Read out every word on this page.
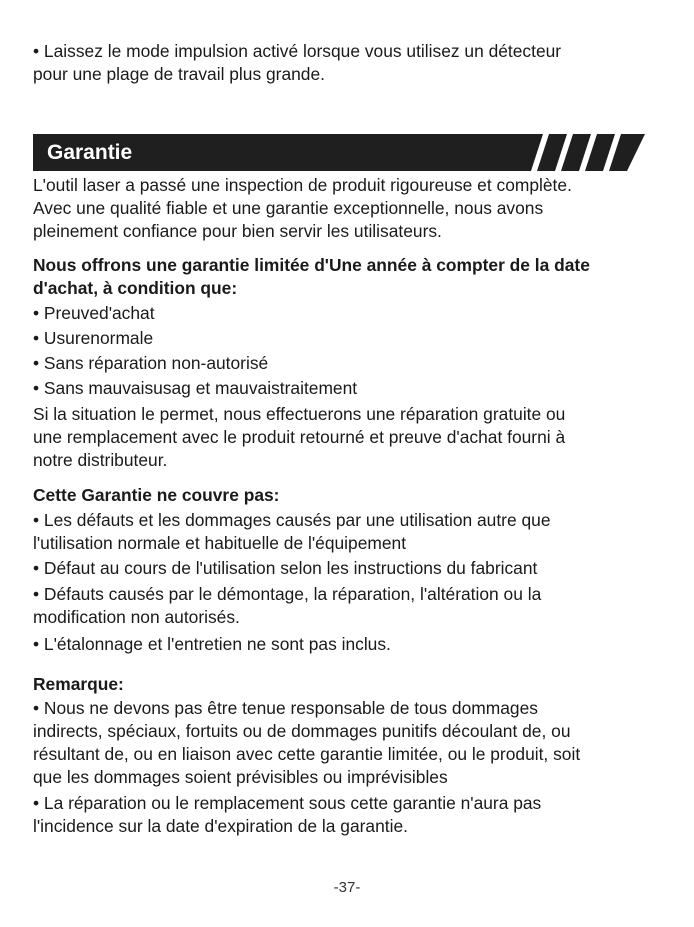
• Laissez le mode impulsion activé lorsque vous utilisez un détecteur
pour une plage de travail plus grande.
Garantie
L'outil laser a passé une inspection de produit rigoureuse et complète.
Avec une qualité fiable et une garantie exceptionnelle, nous avons
pleinement confiance pour bien servir les utilisateurs.
Nous offrons une garantie limitée d'Une année à compter de la date
d'achat, à condition que:
• Preuved'achat
• Usurenormale
• Sans réparation non-autorisé
• Sans mauvaisusag et mauvaistraitement
Si la situation le permet, nous effectuerons une réparation gratuite ou
une remplacement avec le produit retourné et preuve d'achat fourni à
notre distributeur.
Cette Garantie ne couvre pas:
• Les défauts et les dommages causés par une utilisation autre que
l'utilisation normale et habituelle de l'équipement
• Défaut au cours de l'utilisation selon les instructions du fabricant
• Défauts causés par le démontage, la réparation, l'altération ou la
modification non autorisés.
• L'étalonnage et l'entretien ne sont pas inclus.
Remarque:
• Nous ne devons pas être tenue responsable de tous dommages
indirects, spéciaux, fortuits ou de dommages punitifs découlant de, ou
résultant de, ou en liaison avec cette garantie limitée, ou le produit, soit
que les dommages soient prévisibles ou imprévisibles
• La réparation ou le remplacement sous cette garantie n'aura pas
l'incidence sur la date d'expiration de la garantie.
-37-
